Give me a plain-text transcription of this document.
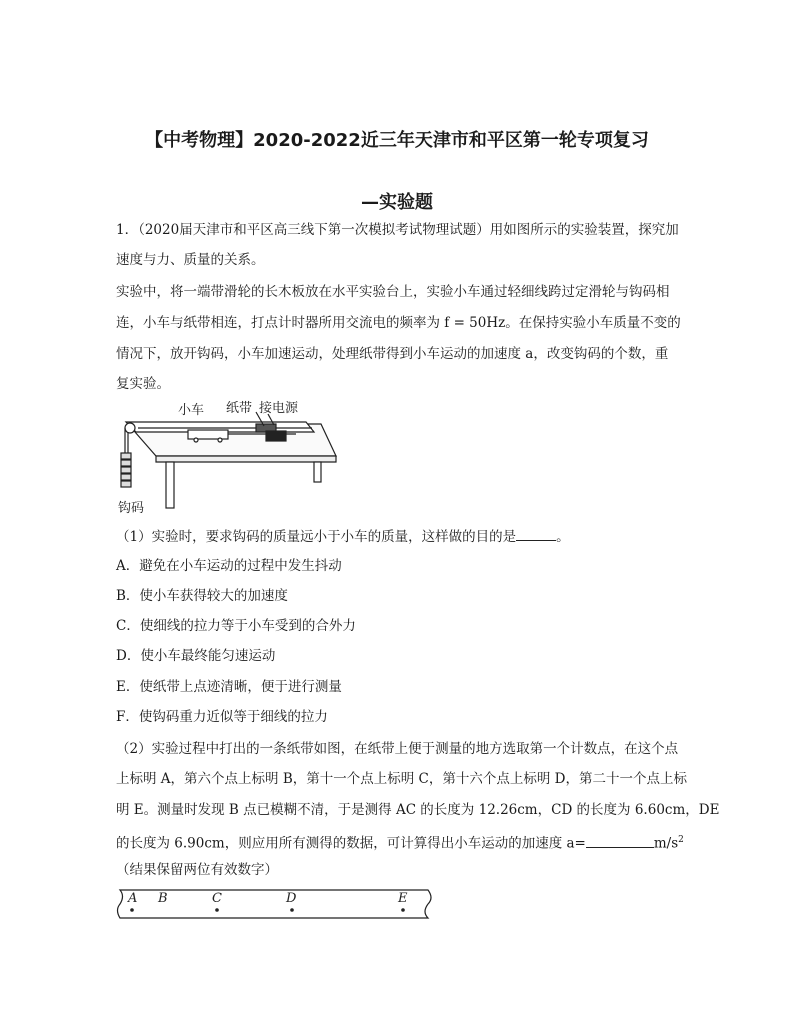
【中考物理】2020-2022近三年天津市和平区第一轮专项复习
—实验题
1．（2020届天津市和平区高三线下第一次模拟考试物理试题）用如图所示的实验装置，探究加
速度与力、质量的关系。
实验中，将一端带滑轮的长木板放在水平实验台上，实验小车通过轻细线跨过定滑轮与钩码相
连，小车与纸带相连，打点计时器所用交流电的频率为 f = 50Hz。在保持实验小车质量不变的
情况下，放开钩码，小车加速运动，处理纸带得到小车运动的加速度 a，改变钩码的个数，重
复实验。
小车 纸带 接电源
钩码
（1）实验时，要求钩码的质量远小于小车的质量，这样做的目的是	。
A．避免在小车运动的过程中发生抖动
B．使小车获得较大的加速度
C．使细线的拉力等于小车受到的合外力
D．使小车最终能匀速运动
E．使纸带上点迹清晰，便于进行测量
F．使钩码重力近似等于细线的拉力
（2）实验过程中打出的一条纸带如图，在纸带上便于测量的地方选取第一个计数点，在这个点
上标明 A，第六个点上标明 B，第十一个点上标明 C，第十六个点上标明 D，第二十一个点上标
明 E。测量时发现 B 点已模糊不清，于是测得 AC 的长度为 12.26cm，CD 的长度为 6.60cm，DE
的长度为 6.90cm，则应用所有测得的数据，可计算得出小车运动的加速度 a=	$m/s^2$
（结果保留两位有效数字）
A B	C	D	E
